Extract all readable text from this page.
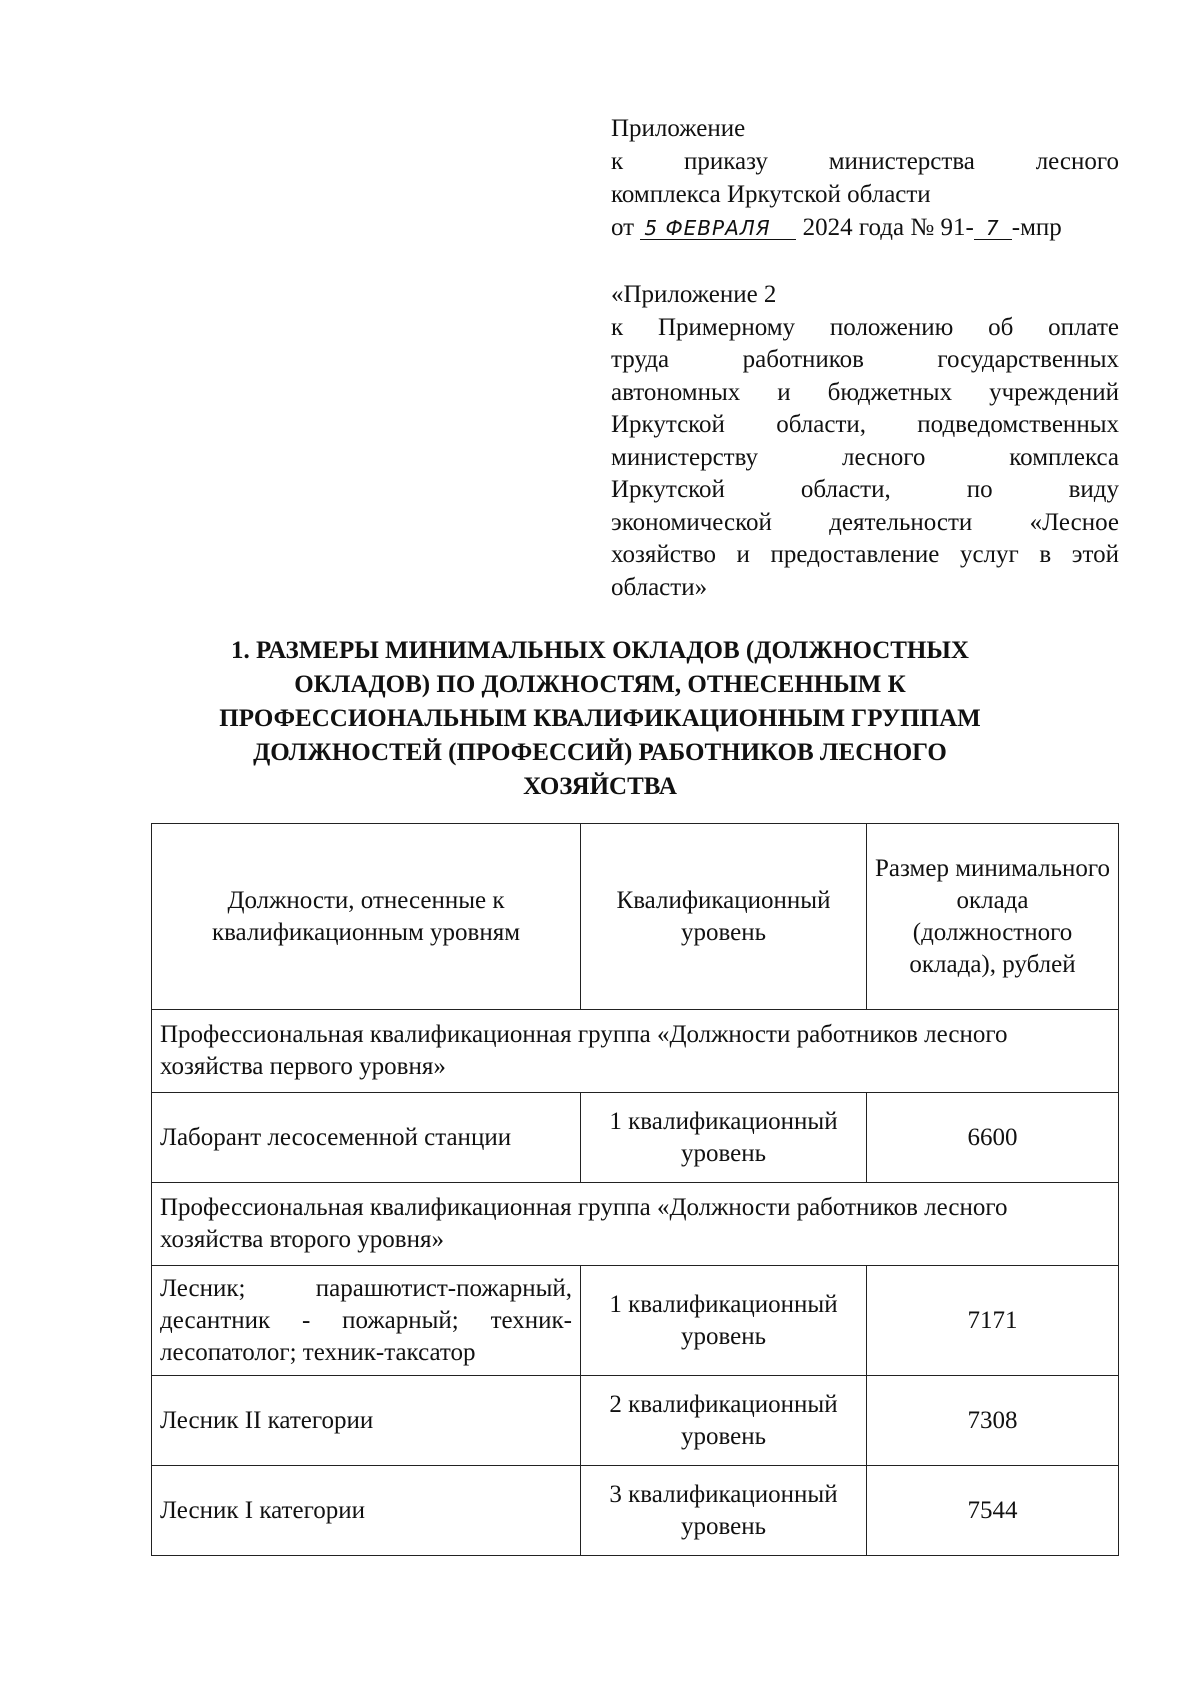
Приложение
к приказу министерства лесного
комплекса Иркутской области
от 5 ФЕВРАЛЯ 2024 года № 91- 7 -мпр
«Приложение 2
к Примерному положению об оплате
труда работников государственных
автономных и бюджетных учреждений
Иркутской области, подведомственных
министерству лесного комплекса
Иркутской области, по виду
экономической деятельности «Лесное
хозяйство и предоставление услуг в этой
области»
1. РАЗМЕРЫ МИНИМАЛЬНЫХ ОКЛАДОВ (ДОЛЖНОСТНЫХ
ОКЛАДОВ) ПО ДОЛЖНОСТЯМ, ОТНЕСЕННЫМ К
ПРОФЕССИОНАЛЬНЫМ КВАЛИФИКАЦИОННЫМ ГРУППАМ
ДОЛЖНОСТЕЙ (ПРОФЕССИЙ) РАБОТНИКОВ ЛЕСНОГО
ХОЗЯЙСТВА
Должности, отнесенные к квалификационным уровням	Квалификационный уровень	Размер минимального оклада (должностного оклада), рублей
Профессиональная квалификационная группа «Должности работников лесного хозяйства первого уровня»		
Лаборант лесосеменной станции	1 квалификационный уровень	6600
Профессиональная квалификационная группа «Должности работников лесного хозяйства второго уровня»		
Лесник; парашютист-пожарный, десантник - пожарный; техник-лесопатолог; техник-таксатор	1 квалификационный уровень	7171
Лесник II категории	2 квалификационный уровень	7308
Лесник I категории	3 квалификационный уровень	7544
